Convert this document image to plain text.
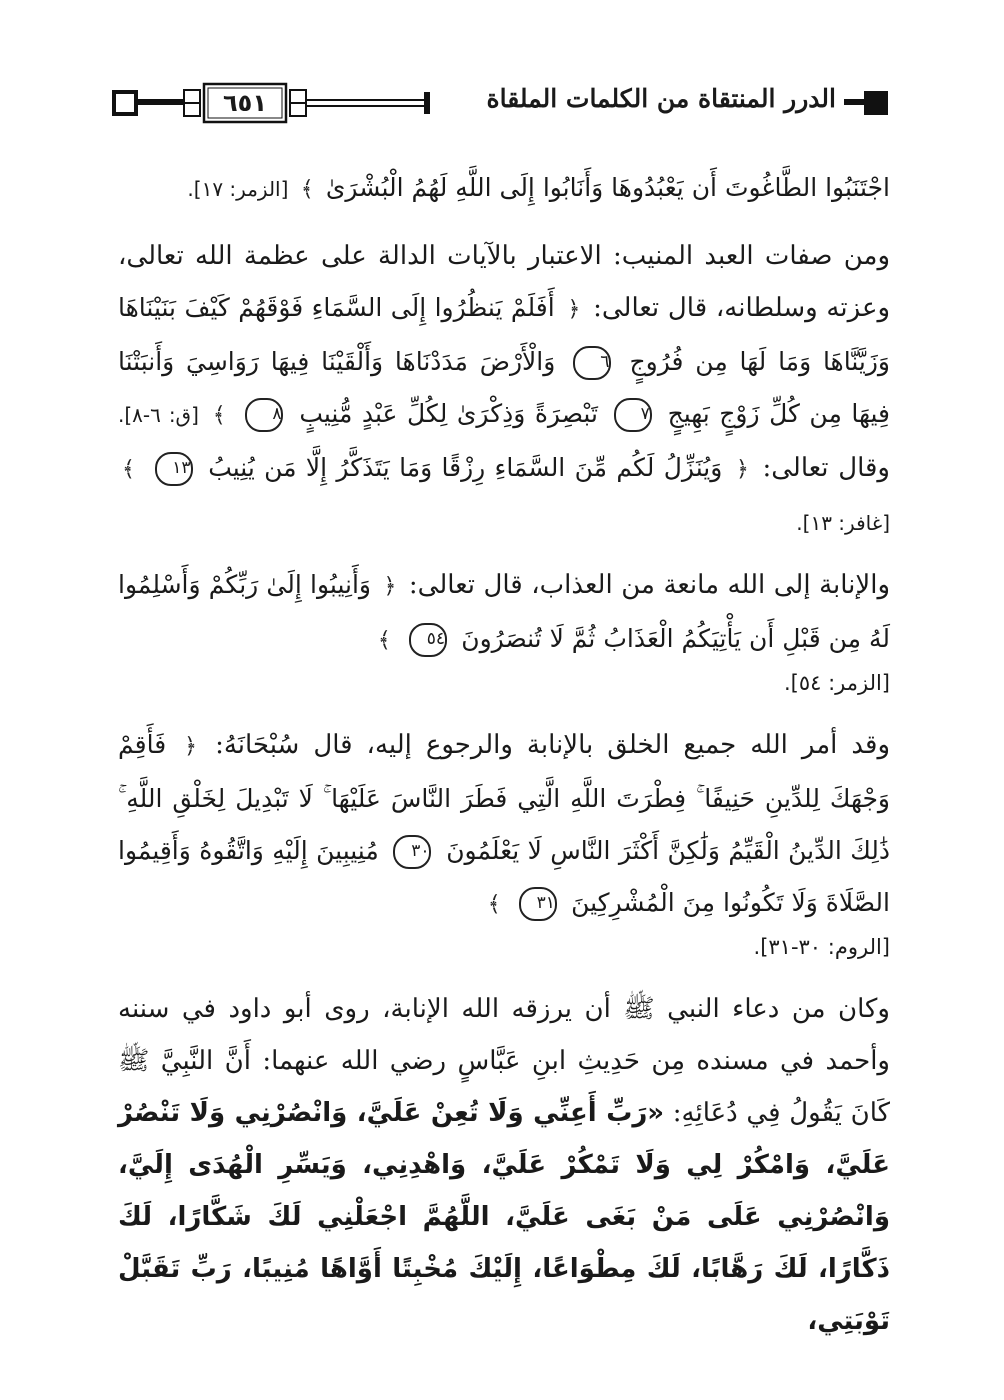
٦٥١	الدرر المنتقاة من الكلمات الملقاة

اجْتَنَبُوا الطَّاغُوتَ أَن يَعْبُدُوهَا وَأَنَابُوا إِلَى اللَّهِ لَهُمُ الْبُشْرَىٰ ﴾ [الزمر: ١٧].

ومن صفات العبد المنيب: الاعتبار بالآيات الدالة على عظمة الله تعالى، وعزته وسلطانه، قال تعالى: ﴿ أَفَلَمْ يَنظُرُوا إِلَى السَّمَاءِ فَوْقَهُمْ كَيْفَ بَنَيْنَاهَا وَزَيَّنَّاهَا وَمَا لَهَا مِن فُرُوجٍ ٦ وَالْأَرْضَ مَدَدْنَاهَا وَأَلْقَيْنَا فِيهَا رَوَاسِيَ وَأَنبَتْنَا فِيهَا مِن كُلِّ زَوْجٍ بَهِيجٍ ٧ تَبْصِرَةً وَذِكْرَىٰ لِكُلِّ عَبْدٍ مُّنِيبٍ ٨ ﴾ [ق: ٦-٨]. وقال تعالى: ﴿ وَيُنَزِّلُ لَكُم مِّنَ السَّمَاءِ رِزْقًا وَمَا يَتَذَكَّرُ إِلَّا مَن يُنِيبُ ١٣ ﴾ [غافر: ١٣].

والإنابة إلى الله مانعة من العذاب، قال تعالى: ﴿ وَأَنِيبُوا إِلَىٰ رَبِّكُمْ وَأَسْلِمُوا لَهُ مِن قَبْلِ أَن يَأْتِيَكُمُ الْعَذَابُ ثُمَّ لَا تُنصَرُونَ ٥٤ ﴾

[الزمر: ٥٤].

وقد أمر الله جميع الخلق بالإنابة والرجوع إليه، قال سُبْحَانَهُ: ﴿ فَأَقِمْ وَجْهَكَ لِلدِّينِ حَنِيفًا ۚ فِطْرَتَ اللَّهِ الَّتِي فَطَرَ النَّاسَ عَلَيْهَا ۚ لَا تَبْدِيلَ لِخَلْقِ اللَّهِ ۚ ذَٰلِكَ الدِّينُ الْقَيِّمُ وَلَٰكِنَّ أَكْثَرَ النَّاسِ لَا يَعْلَمُونَ ٣٠ مُنِيبِينَ إِلَيْهِ وَاتَّقُوهُ وَأَقِيمُوا الصَّلَاةَ وَلَا تَكُونُوا مِنَ الْمُشْرِكِينَ ٣١ ﴾

[الروم: ٣٠-٣١].

وكان من دعاء النبي ﷺ أن يرزقه الله الإنابة، روى أبو داود في سننه وأحمد في مسنده مِن حَدِيثِ ابنِ عَبَّاسٍ رضي الله عنهما: أَنَّ النَّبِيَّ ﷺ كَانَ يَقُولُ فِي دُعَائِهِ: «رَبِّ أَعِنِّي وَلَا تُعِنْ عَلَيَّ، وَانْصُرْنِي وَلَا تَنْصُرْ عَلَيَّ، وَامْكُرْ لِي وَلَا تَمْكُرْ عَلَيَّ، وَاهْدِنِي، وَيَسِّرِ الْهُدَى إِلَيَّ، وَانْصُرْنِي عَلَى مَنْ بَغَى عَلَيَّ، اللَّهُمَّ اجْعَلْنِي لَكَ شَكَّارًا، لَكَ ذَكَّارًا، لَكَ رَهَّابًا، لَكَ مِطْوَاعًا، إِلَيْكَ مُخْبِتًا أَوَّاهًا مُنِيبًا، رَبِّ تَقَبَّلْ تَوْبَتِي،
